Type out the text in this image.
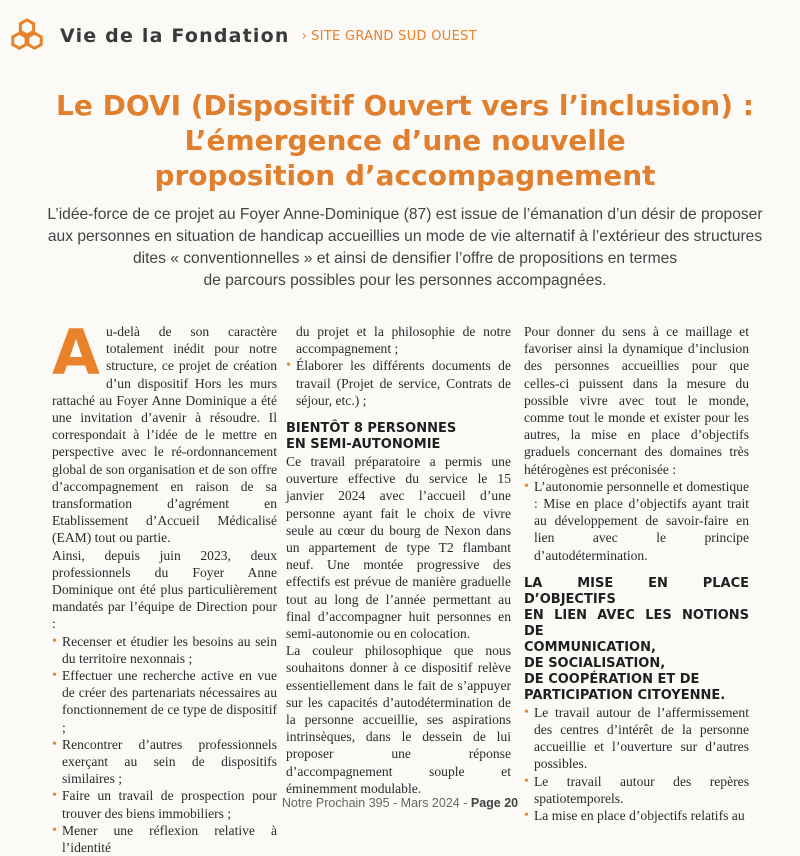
Vie de la Fondation › SITE GRAND SUD OUEST
Le DOVI (Dispositif Ouvert vers l’inclusion) :
L’émergence d’une nouvelle
proposition d’accompagnement
L’idée-force de ce projet au Foyer Anne-Dominique (87) est issue de l’émanation d’un désir de proposer
aux personnes en situation de handicap accueillies un mode de vie alternatif à l’extérieur des structures
dites « conventionnelles » et ainsi de densifier l’offre de propositions en termes
de parcours possibles pour les personnes accompagnées.

Au-delà de son caractère totalement inédit pour notre structure, ce projet de création d’un dispositif Hors les murs rattaché au Foyer Anne Dominique a été une invitation d’avenir à résoudre. Il correspondait à l’idée de le mettre en perspective avec le ré-ordonnancement global de son organisation et de son offre d’accompagnement en raison de sa transformation d’agrément en Etablissement d’Accueil Médicalisé (EAM) tout ou partie.

Ainsi, depuis juin 2023, deux professionnels du Foyer Anne Dominique ont été plus particulièrement mandatés par l’équipe de Direction pour :

• Recenser et étudier les besoins au sein du territoire nexonnais ;
• Effectuer une recherche active en vue de créer des partenariats nécessaires au fonctionnement de ce type de dispositif ;
• Rencontrer d’autres professionnels exerçant au sein de dispositifs similaires ;
• Faire un travail de prospection pour trouver des biens immobiliers ;
• Mener une réflexion relative à l’identité

du projet et la philosophie de notre accompagnement ;

• Élaborer les différents documents de travail (Projet de service, Contrats de séjour, etc.) ;

BIENTÔT 8 PERSONNES

EN SEMI-AUTONOMIE

Ce travail préparatoire a permis une ouverture effective du service le 15 janvier 2024 avec l’accueil d’une personne ayant fait le choix de vivre seule au cœur du bourg de Nexon dans un appartement de type T2 flambant neuf. Une montée progressive des effectifs est prévue de manière graduelle tout au long de l’année permettant au final d’accompagner huit personnes en semi-autonomie ou en colocation.

La couleur philosophique que nous souhaitons donner à ce dispositif relève essentiellement dans le fait de s’appuyer sur les capacités d’autodétermination de la personne accueillie, ses aspirations intrinsèques, dans le dessein de lui proposer une réponse d’accompagnement souple et éminemment modulable.

Pour donner du sens à ce maillage et favoriser ainsi la dynamique d’inclusion des personnes accueillies pour que celles-ci puissent dans la mesure du possible vivre avec tout le monde, comme tout le monde et exister pour les autres, la mise en place d’objectifs graduels concernant des domaines très hétérogènes est préconisée :

• L’autonomie personnelle et domestique : Mise en place d’objectifs ayant trait au développement de savoir-faire en lien avec le principe d’autodétermination.

LA MISE EN PLACE D’OBJECTIFS

EN LIEN AVEC LES NOTIONS DE

COMMUNICATION,

DE SOCIALISATION,

DE COOPÉRATION ET DE

PARTICIPATION CITOYENNE.

• Le travail autour de l’affermissement des centres d’intérêt de la personne accueillie et l’ouverture sur d’autres possibles.
• Le travail autour des repères spatiotemporels.
• La mise en place d’objectifs relatifs au
Notre Prochain 395 - Mars 2024 - Page 20
